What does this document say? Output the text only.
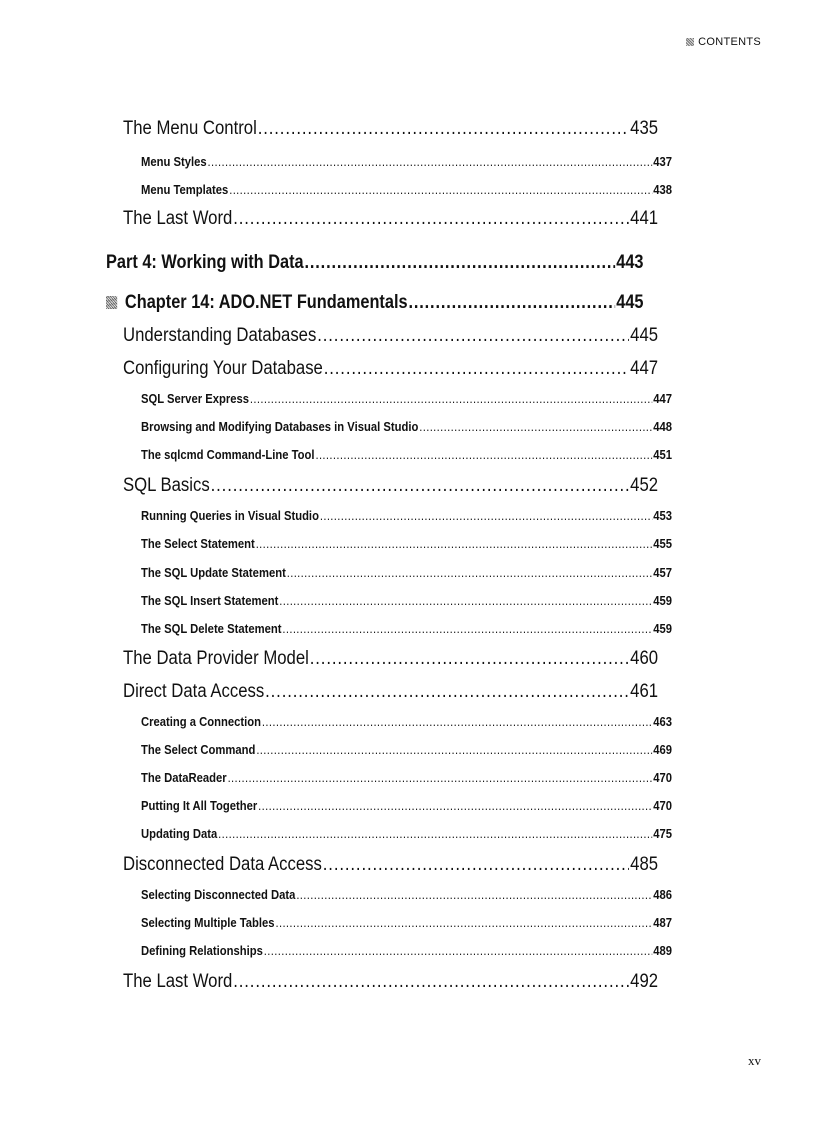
CONTENTS
The Menu Control .....	435
Menu Styles .....	437
Menu Templates .....	438
The Last Word .....	441
Part 4: Working with Data .....	443
Chapter 14: ADO.NET Fundamentals .....	445
Understanding Databases .....	445
Configuring Your Database .....	447
SQL Server Express .....	447
Browsing and Modifying Databases in Visual Studio .....	448
The sqlcmd Command-Line Tool .....	451
SQL Basics .....	452
Running Queries in Visual Studio .....	453
The Select Statement .....	455
The SQL Update Statement .....	457
The SQL Insert Statement .....	459
The SQL Delete Statement .....	459
The Data Provider Model .....	460
Direct Data Access .....	461
Creating a Connection .....	463
The Select Command .....	469
The DataReader .....	470
Putting It All Together .....	470
Updating Data .....	475
Disconnected Data Access .....	485
Selecting Disconnected Data .....	486
Selecting Multiple Tables .....	487
Defining Relationships .....	489
The Last Word .....	492
xv
